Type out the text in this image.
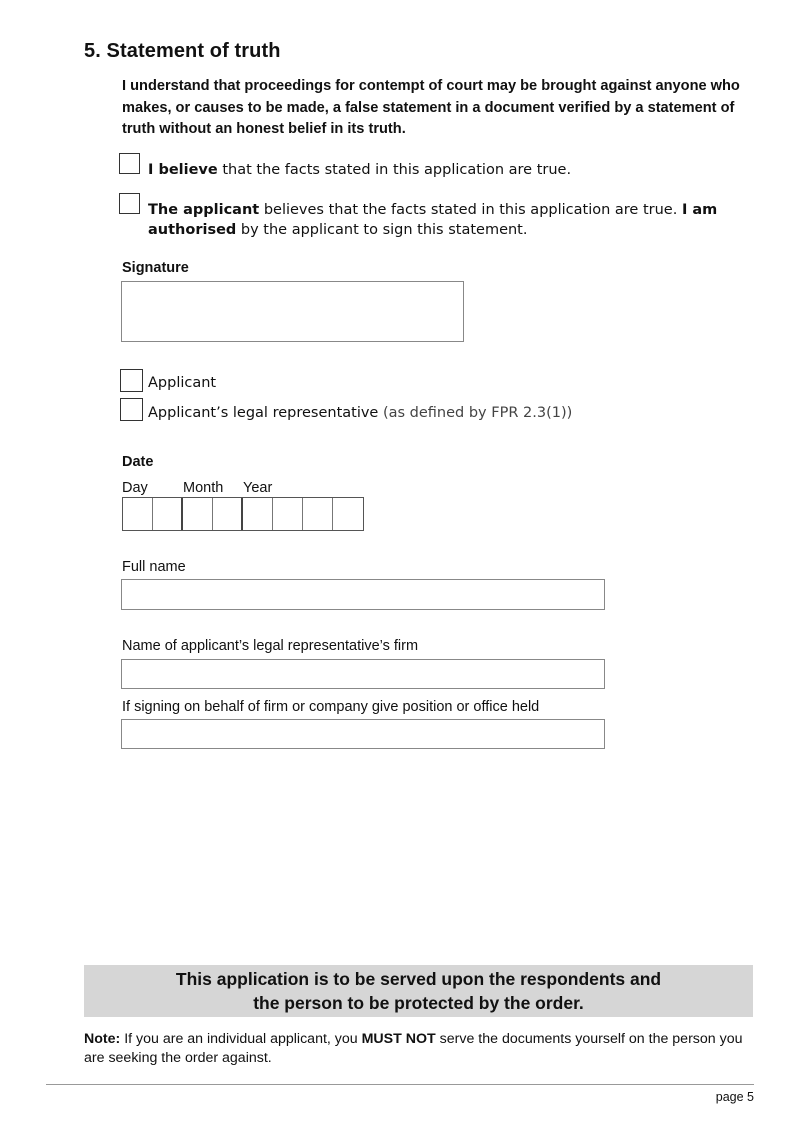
5. Statement of truth
I understand that proceedings for contempt of court may be brought against anyone who makes, or causes to be made, a false statement in a document verified by a statement of truth without an honest belief in its truth.
I believe that the facts stated in this application are true.
The applicant believes that the facts stated in this application are true. I am authorised by the applicant to sign this statement.
Signature
Applicant
Applicant’s legal representative (as defined by FPR 2.3(1))
Date
Day Month Year
Full name
Name of applicant’s legal representative’s firm
If signing on behalf of firm or company give position or office held
This application is to be served upon the respondents and
the person to be protected by the order.
Note: If you are an individual applicant, you MUST NOT serve the documents yourself on the person you are seeking the order against.
page 5
